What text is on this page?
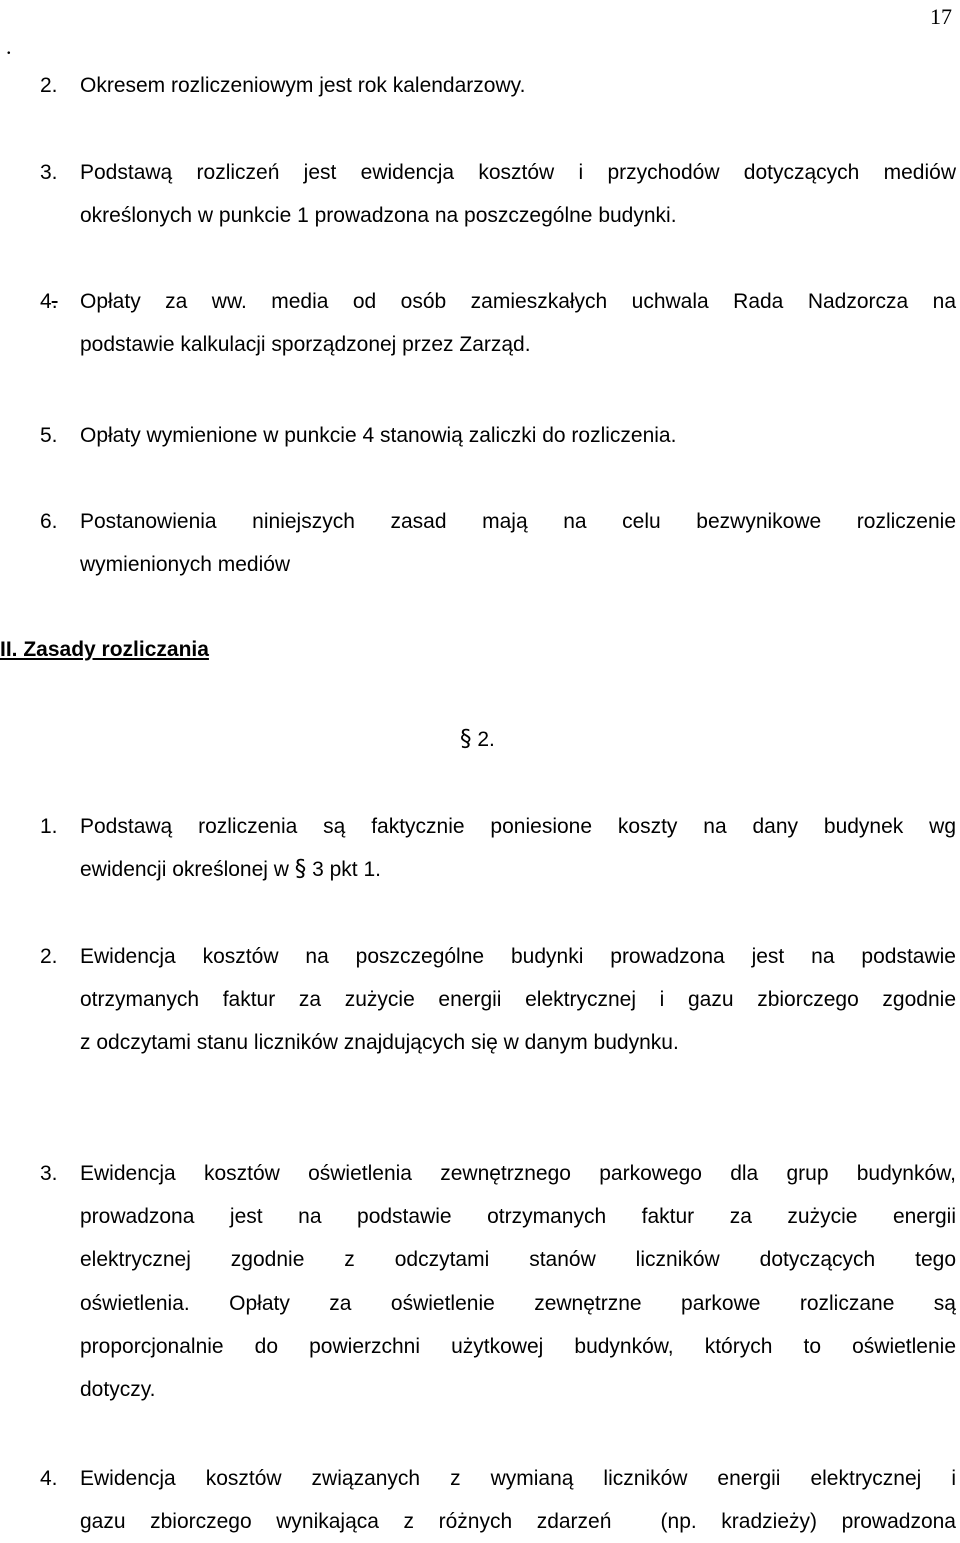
17
.
2. Okresem rozliczeniowym jest rok kalendarzowy.
3. Podstawą rozliczeń jest ewidencja kosztów i przychodów dotyczących mediów
określonych w punkcie 1 prowadzona na poszczególne budynki.
4. Opłaty za ww. media od osób zamieszkałych uchwala Rada Nadzorcza na
podstawie kalkulacji sporządzonej przez Zarząd.
5. Opłaty wymienione w punkcie 4 stanowią zaliczki do rozliczenia.
6. Postanowienia niniejszych zasad mają na celu bezwynikowe rozliczenie
wymienionych mediów
II. Zasady rozliczania
§ 2.
1. Podstawą rozliczenia są faktycznie poniesione koszty na dany budynek wg
ewidencji określonej w § 3 pkt 1.
2. Ewidencja kosztów na poszczególne budynki prowadzona jest na podstawie
otrzymanych faktur za zużycie energii elektrycznej i gazu zbiorczego zgodnie
z odczytami stanu liczników znajdujących się w danym budynku.
3. Ewidencja kosztów oświetlenia zewnętrznego parkowego dla grup budynków,
prowadzona jest na podstawie otrzymanych faktur za zużycie energii
elektrycznej zgodnie z odczytami stanów liczników dotyczących tego
oświetlenia. Opłaty za oświetlenie zewnętrzne parkowe rozliczane są
proporcjonalnie do powierzchni użytkowej budynków, których to oświetlenie
dotyczy.
4. Ewidencja kosztów związanych z wymianą liczników energii elektrycznej i
gazu zbiorczego wynikająca z różnych zdarzeń  (np. kradzieży) prowadzona
